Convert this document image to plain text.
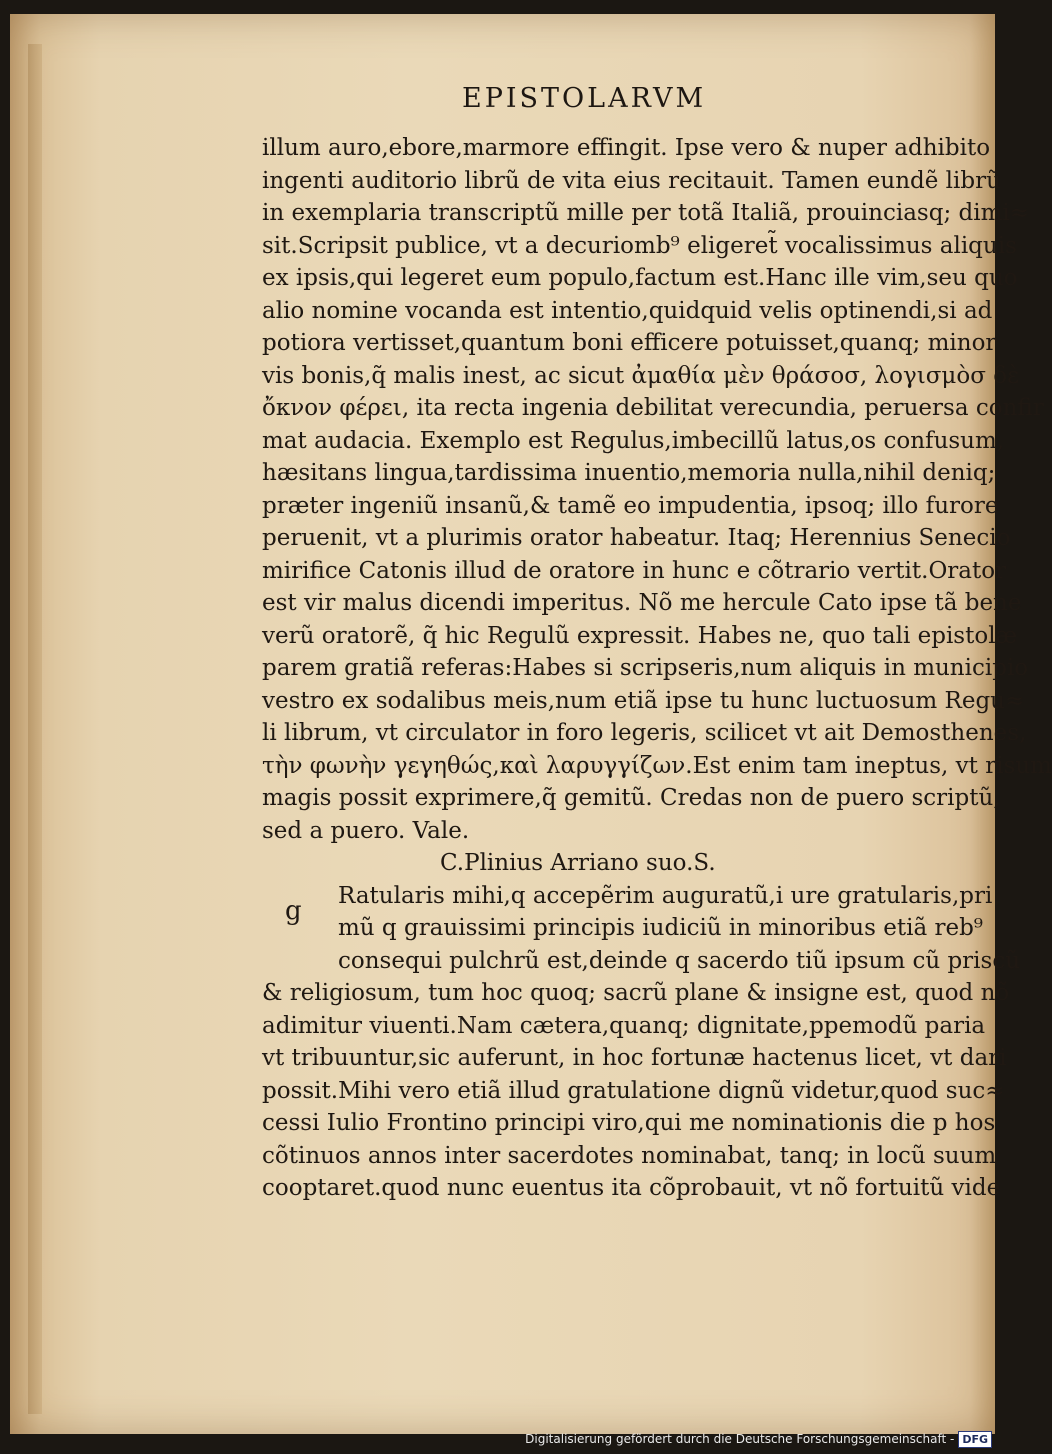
EPISTOLARVM
illum auro,ebore,marmore effingit. Ipse vero & nuper adhibito
ingenti auditorio librũ de vita eius recitauit. Tamen eundẽ librũ
in exemplaria transcriptũ mille per totã Italiã, prouinciasq; dimi≈
sit.Scripsit publice, vt a decuriomb⁹ eligeret̃ vocalissimus aliquis
ex ipsis,qui legeret eum populo,factum est.Hanc ille vim,seu quo
alio nomine vocanda est intentio,quidquid velis optinendi,si ad
potiora vertisset,quantum boni efficere potuisset,quanq; minor
vis bonis,q̃ malis inest, ac sicut ἀμαθία μὲν θράσοσ, λογισμὸσ δὲ
ὄκνον φέρει, ita recta ingenia debilitat verecundia, peruersa confir
mat audacia. Exemplo est Regulus,imbecillũ latus,os confusum,
hæsitans lingua,tardissima inuentio,memoria nulla,nihil deniq;
præter ingeniũ insanũ,& tamẽ eo impudentia, ipsoq; illo furore
peruenit, vt a plurimis orator habeatur. Itaq; Herennius Senecio
mirifice Catonis illud de oratore in hunc e cõtrario vertit.Orator
est vir malus dicendi imperitus. Nõ me hercule Cato ipse tã bene
verũ oratorẽ, q̃ hic Regulũ expressit. Habes ne, quo tali epistolæ
parem gratiã referas:Habes si scripseris,num aliquis in municipio
vestro ex sodalibus meis,num etiã ipse tu hunc luctuosum Regu≈
li librum, vt circulator in foro legeris, scilicet vt ait Demosthenes,
τὴν φωνὴν γεγηθώς,καὶ λαρυγγίζων.Est enim tam ineptus, vt risum
magis possit exprimere,q̃ gemitũ. Credas non de puero scriptũ,
sed a puero. Vale.
C.Plinius Arriano suo.S.
Ratularis mihi,q accepẽrim auguratũ,i ure gratularis,pri
mũ q grauissimi principis iudiciũ in minoribus etiã reb⁹
consequi pulchrũ est,deinde q sacerdo tiũ ipsum cũ priscũ
& religiosum, tum hoc quoq; sacrũ plane & insigne est, quod nõ
adimitur viuenti.Nam cætera,quanq; dignitate,ppemodũ paria
vt tribuuntur,sic auferunt, in hoc fortunæ hactenus licet, vt dari
possit.Mihi vero etiã illud gratulatione dignũ videtur,quod suc≈
cessi Iulio Frontino principi viro,qui me nominationis die p hos
cõtinuos annos inter sacerdotes nominabat, tanq; in locũ suum
cooptaret.quod nunc euentus ita cõprobauit, vt nõ fortuitũ vide
g
Digitalisierung gefördert durch die Deutsche Forschungsgemeinschaft - DFG
